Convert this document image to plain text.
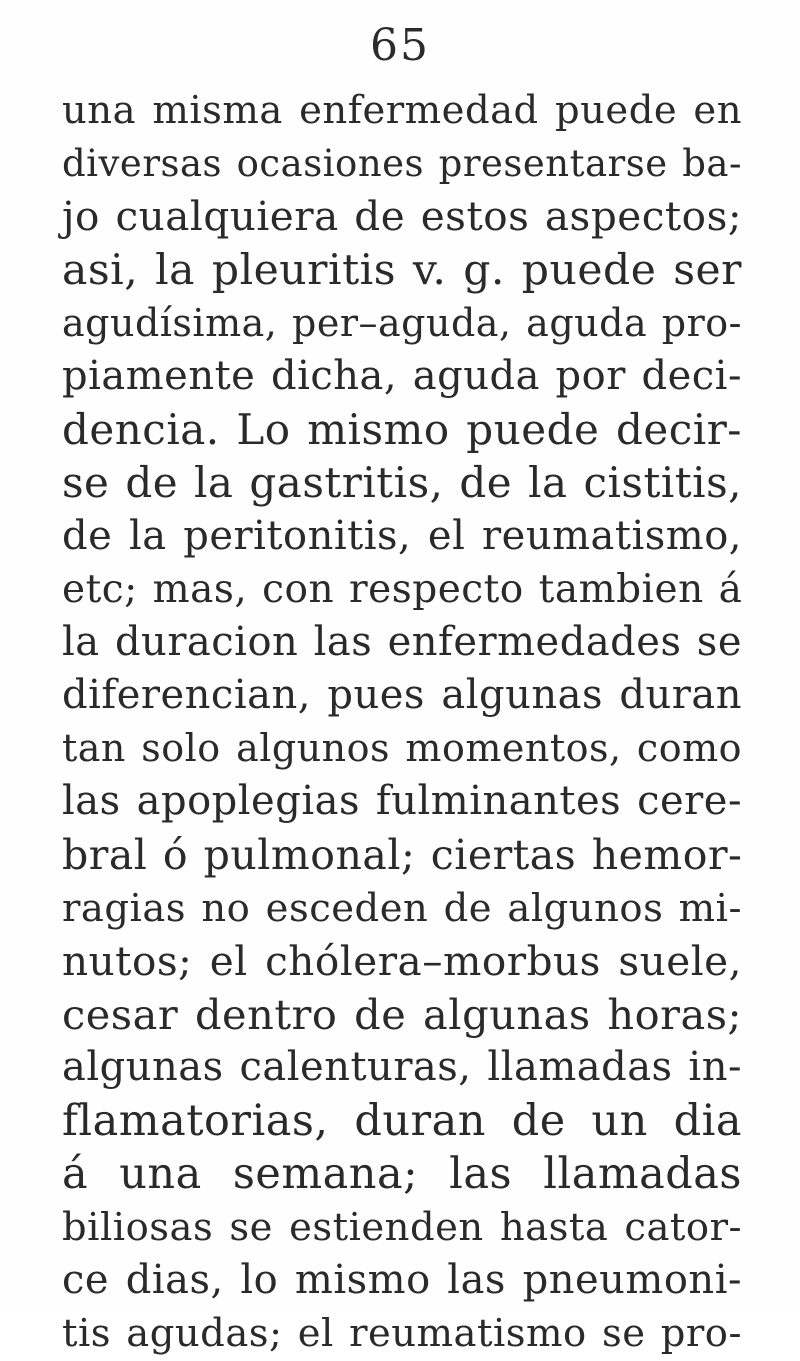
65
una misma enfermedad puede en
diversas ocasiones presentarse ba-
jo cualquiera de estos aspectos;
asi, la pleuritis v. g. puede ser
agudísima, per–aguda, aguda pro-
piamente dicha, aguda por deci-
dencia. Lo mismo puede decir-
se de la gastritis, de la cistitis,
de la peritonitis, el reumatismo,
etc; mas, con respecto tambien á
la duracion las enfermedades se
diferencian, pues algunas duran
tan solo algunos momentos, como
las apoplegias fulminantes cere-
bral ó pulmonal; ciertas hemor-
ragias no esceden de algunos mi-
nutos; el chólera–morbus suele,
cesar dentro de algunas horas;
algunas calenturas, llamadas in-
flamatorias, duran de un dia
á una semana; las llamadas
biliosas se estienden hasta cator-
ce dias, lo mismo las pneumoni-
tis agudas; el reumatismo se pro-
